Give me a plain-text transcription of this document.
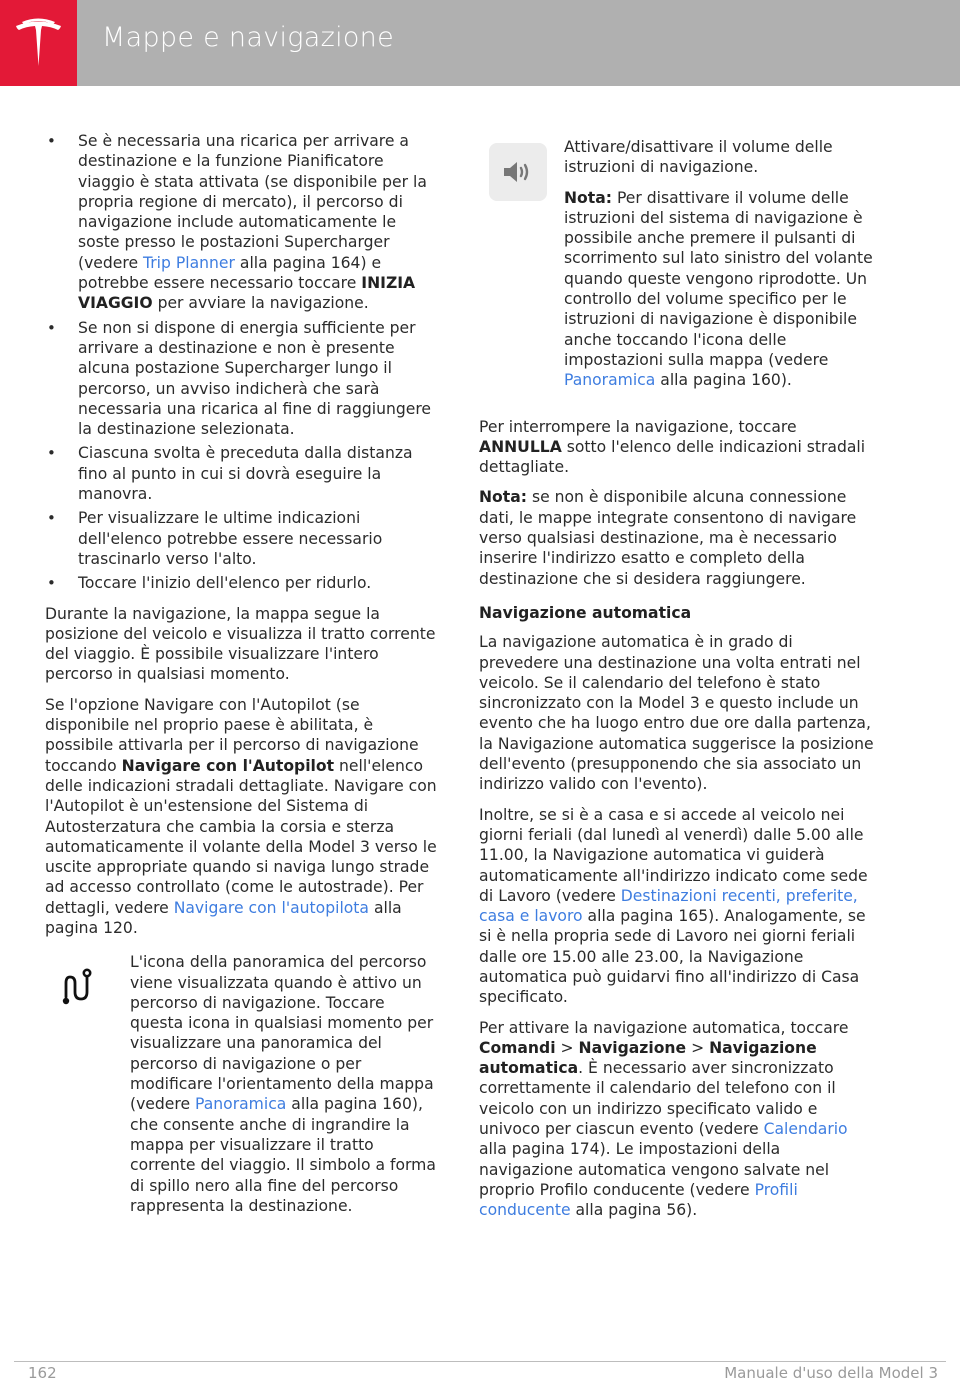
Mappe e navigazione
• Se è necessaria una ricarica per arrivare a destinazione e la funzione Pianificatore viaggio è stata attivata (se disponibile per la propria regione di mercato), il percorso di navigazione include automaticamente le soste presso le postazioni Supercharger (vedere Trip Planner alla pagina 164) e potrebbe essere necessario toccare INIZIA VIAGGIO per avviare la navigazione.
• Se non si dispone di energia sufficiente per arrivare a destinazione e non è presente alcuna postazione Supercharger lungo il percorso, un avviso indicherà che sarà necessaria una ricarica al fine di raggiungere la destinazione selezionata.
• Ciascuna svolta è preceduta dalla distanza fino al punto in cui si dovrà eseguire la manovra.
• Per visualizzare le ultime indicazioni dell'elenco potrebbe essere necessario trascinarlo verso l'alto.
• Toccare l'inizio dell'elenco per ridurlo.

Durante la navigazione, la mappa segue la posizione del veicolo e visualizza il tratto corrente del viaggio. È possibile visualizzare l'intero percorso in qualsiasi momento.

Se l'opzione Navigare con l'Autopilot (se disponibile nel proprio paese è abilitata, è possibile attivarla per il percorso di navigazione toccando Navigare con l'Autopilot nell'elenco delle indicazioni stradali dettagliate. Navigare con l'Autopilot è un'estensione del Sistema di Autosterzatura che cambia la corsia e sterza automaticamente il volante della Model 3 verso le uscite appropriate quando si naviga lungo strade ad accesso controllato (come le autostrade). Per dettagli, vedere Navigare con l'autopilota alla pagina 120.

L'icona della panoramica del percorso viene visualizzata quando è attivo un percorso di navigazione. Toccare questa icona in qualsiasi momento per visualizzare una panoramica del percorso di navigazione o per modificare l'orientamento della mappa (vedere Panoramica alla pagina 160), che consente anche di ingrandire la mappa per visualizzare il tratto corrente del viaggio. Il simbolo a forma di spillo nero alla fine del percorso rappresenta la destinazione.

Attivare/disattivare il volume delle istruzioni di navigazione.

Nota: Per disattivare il volume delle istruzioni del sistema di navigazione è possibile anche premere il pulsanti di scorrimento sul lato sinistro del volante quando queste vengono riprodotte. Un controllo del volume specifico per le istruzioni di navigazione è disponibile anche toccando l'icona delle impostazioni sulla mappa (vedere Panoramica alla pagina 160).

Per interrompere la navigazione, toccare ANNULLA sotto l'elenco delle indicazioni stradali dettagliate.

Nota: se non è disponibile alcuna connessione dati, le mappe integrate consentono di navigare verso qualsiasi destinazione, ma è necessario inserire l'indirizzo esatto e completo della destinazione che si desidera raggiungere.

Navigazione automatica

La navigazione automatica è in grado di prevedere una destinazione una volta entrati nel veicolo. Se il calendario del telefono è stato sincronizzato con la Model 3 e questo include un evento che ha luogo entro due ore dalla partenza, la Navigazione automatica suggerisce la posizione dell'evento (presupponendo che sia associato un indirizzo valido con l'evento).

Inoltre, se si è a casa e si accede al veicolo nei giorni feriali (dal lunedì al venerdì) dalle 5.00 alle 11.00, la Navigazione automatica vi guiderà automaticamente all'indirizzo indicato come sede di Lavoro (vedere Destinazioni recenti, preferite, casa e lavoro alla pagina 165). Analogamente, se si è nella propria sede di Lavoro nei giorni feriali dalle ore 15.00 alle 23.00, la Navigazione automatica può guidarvi fino all'indirizzo di Casa specificato.

Per attivare la navigazione automatica, toccare Comandi > Navigazione > Navigazione automatica. È necessario aver sincronizzato correttamente il calendario del telefono con il veicolo con un indirizzo specificato valido e univoco per ciascun evento (vedere Calendario alla pagina 174). Le impostazioni della navigazione automatica vengono salvate nel proprio Profilo conducente (vedere Profili conducente alla pagina 56).

162	Manuale d'uso della Model 3
